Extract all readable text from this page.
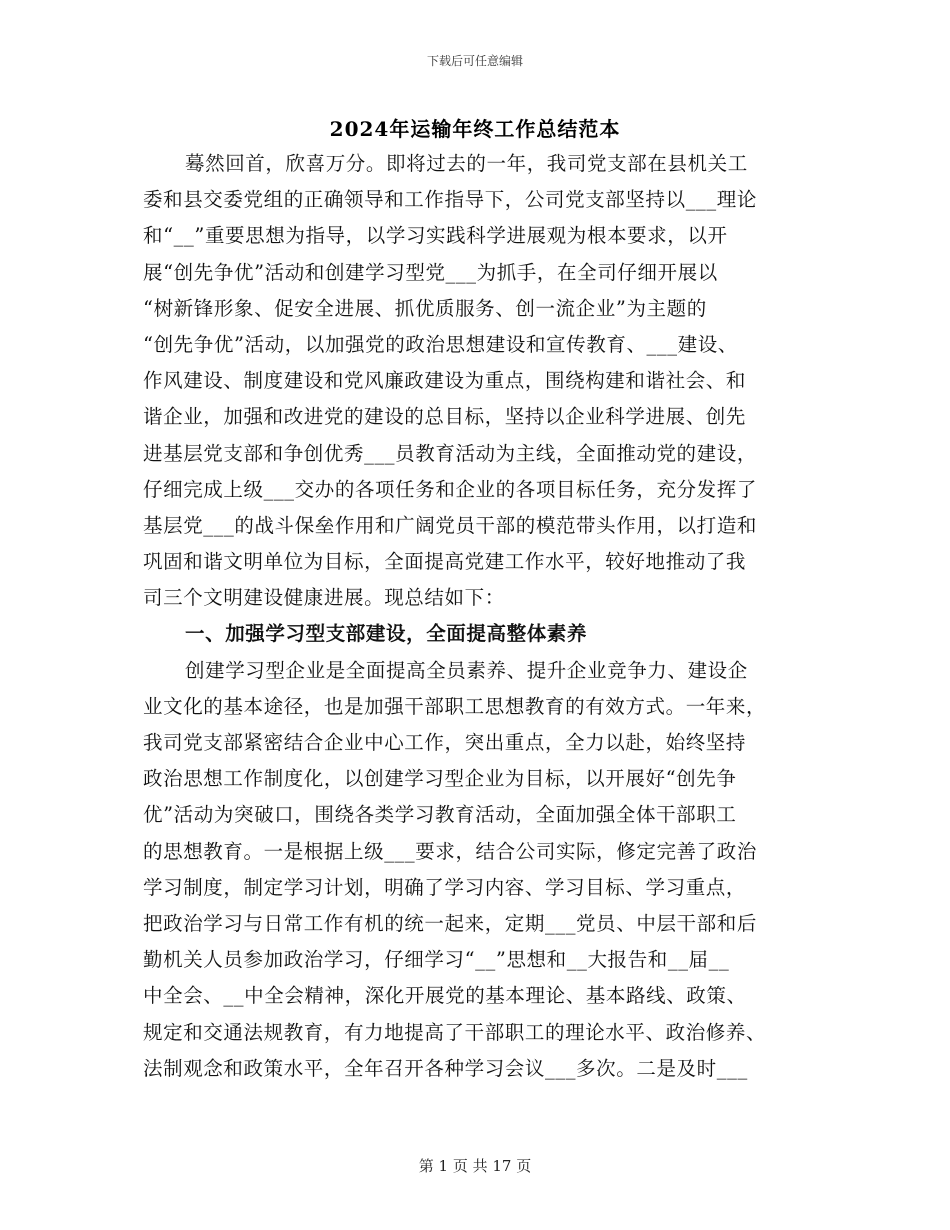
下载后可任意编辑
2024年运输年终工作总结范本
蓦然回首，欣喜万分。即将过去的一年，我司党支部在县机关工
委和县交委党组的正确领导和工作指导下，公司党支部坚持以___理论
和“__”重要思想为指导，以学习实践科学进展观为根本要求，以开
展“创先争优”活动和创建学习型党___为抓手，在全司仔细开展以
“树新锋形象、促安全进展、抓优质服务、创一流企业”为主题的
“创先争优”活动，以加强党的政治思想建设和宣传教育、___建设、
作风建设、制度建设和党风廉政建设为重点，围绕构建和谐社会、和
谐企业，加强和改进党的建设的总目标，坚持以企业科学进展、创先
进基层党支部和争创优秀___员教育活动为主线，全面推动党的建设，
仔细完成上级___交办的各项任务和企业的各项目标任务，充分发挥了
基层党___的战斗保垒作用和广阔党员干部的模范带头作用，以打造和
巩固和谐文明单位为目标，全面提高党建工作水平，较好地推动了我
司三个文明建设健康进展。现总结如下：
一、加强学习型支部建设，全面提高整体素养
创建学习型企业是全面提高全员素养、提升企业竞争力、建设企
业文化的基本途径，也是加强干部职工思想教育的有效方式。一年来，
我司党支部紧密结合企业中心工作，突出重点，全力以赴，始终坚持
政治思想工作制度化，以创建学习型企业为目标，以开展好“创先争
优”活动为突破口，围绕各类学习教育活动，全面加强全体干部职工
的思想教育。一是根据上级___要求，结合公司实际，修定完善了政治
学习制度，制定学习计划，明确了学习内容、学习目标、学习重点，
把政治学习与日常工作有机的统一起来，定期___党员、中层干部和后
勤机关人员参加政治学习，仔细学习“__”思想和__大报告和__届__
中全会、__中全会精神，深化开展党的基本理论、基本路线、政策、
规定和交通法规教育，有力地提高了干部职工的理论水平、政治修养、
法制观念和政策水平，全年召开各种学习会议___多次。二是及时___
第 1 页 共 17 页
